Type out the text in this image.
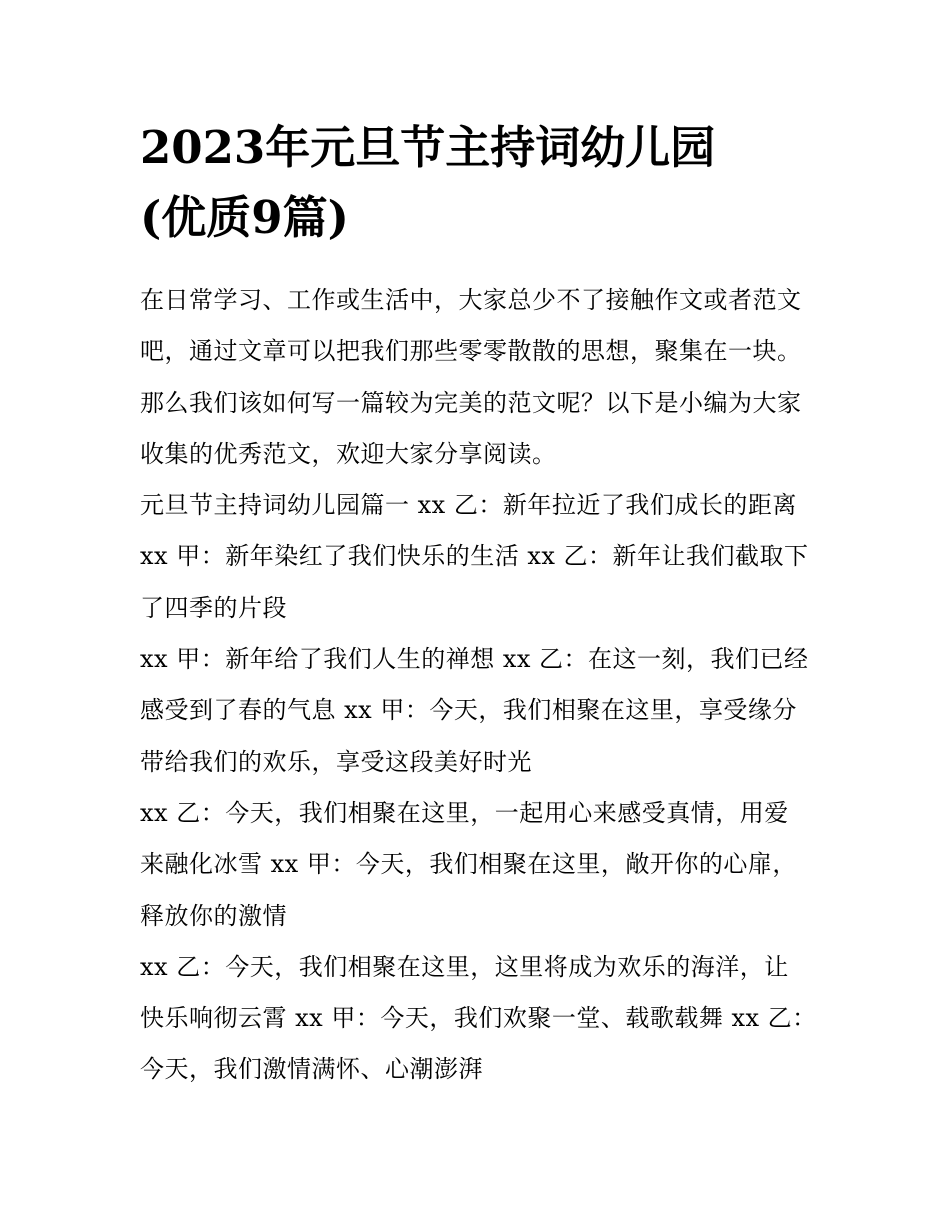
2023年元旦节主持词幼儿园
(优质9篇)
在日常学习、工作或生活中，大家总少不了接触作文或者范文
吧，通过文章可以把我们那些零零散散的思想，聚集在一块。
那么我们该如何写一篇较为完美的范文呢？以下是小编为大家
收集的优秀范文，欢迎大家分享阅读。
元旦节主持词幼儿园篇一 xx 乙：新年拉近了我们成长的距离
xx 甲：新年染红了我们快乐的生活 xx 乙：新年让我们截取下
了四季的片段
xx 甲：新年给了我们人生的禅想 xx 乙：在这一刻，我们已经
感受到了春的气息 xx 甲：今天，我们相聚在这里，享受缘分
带给我们的欢乐，享受这段美好时光
xx 乙：今天，我们相聚在这里，一起用心来感受真情，用爱
来融化冰雪 xx 甲：今天，我们相聚在这里，敞开你的心扉，
释放你的激情
xx 乙：今天，我们相聚在这里，这里将成为欢乐的海洋，让
快乐响彻云霄 xx 甲：今天，我们欢聚一堂、载歌载舞 xx 乙：
今天，我们激情满怀、心潮澎湃
